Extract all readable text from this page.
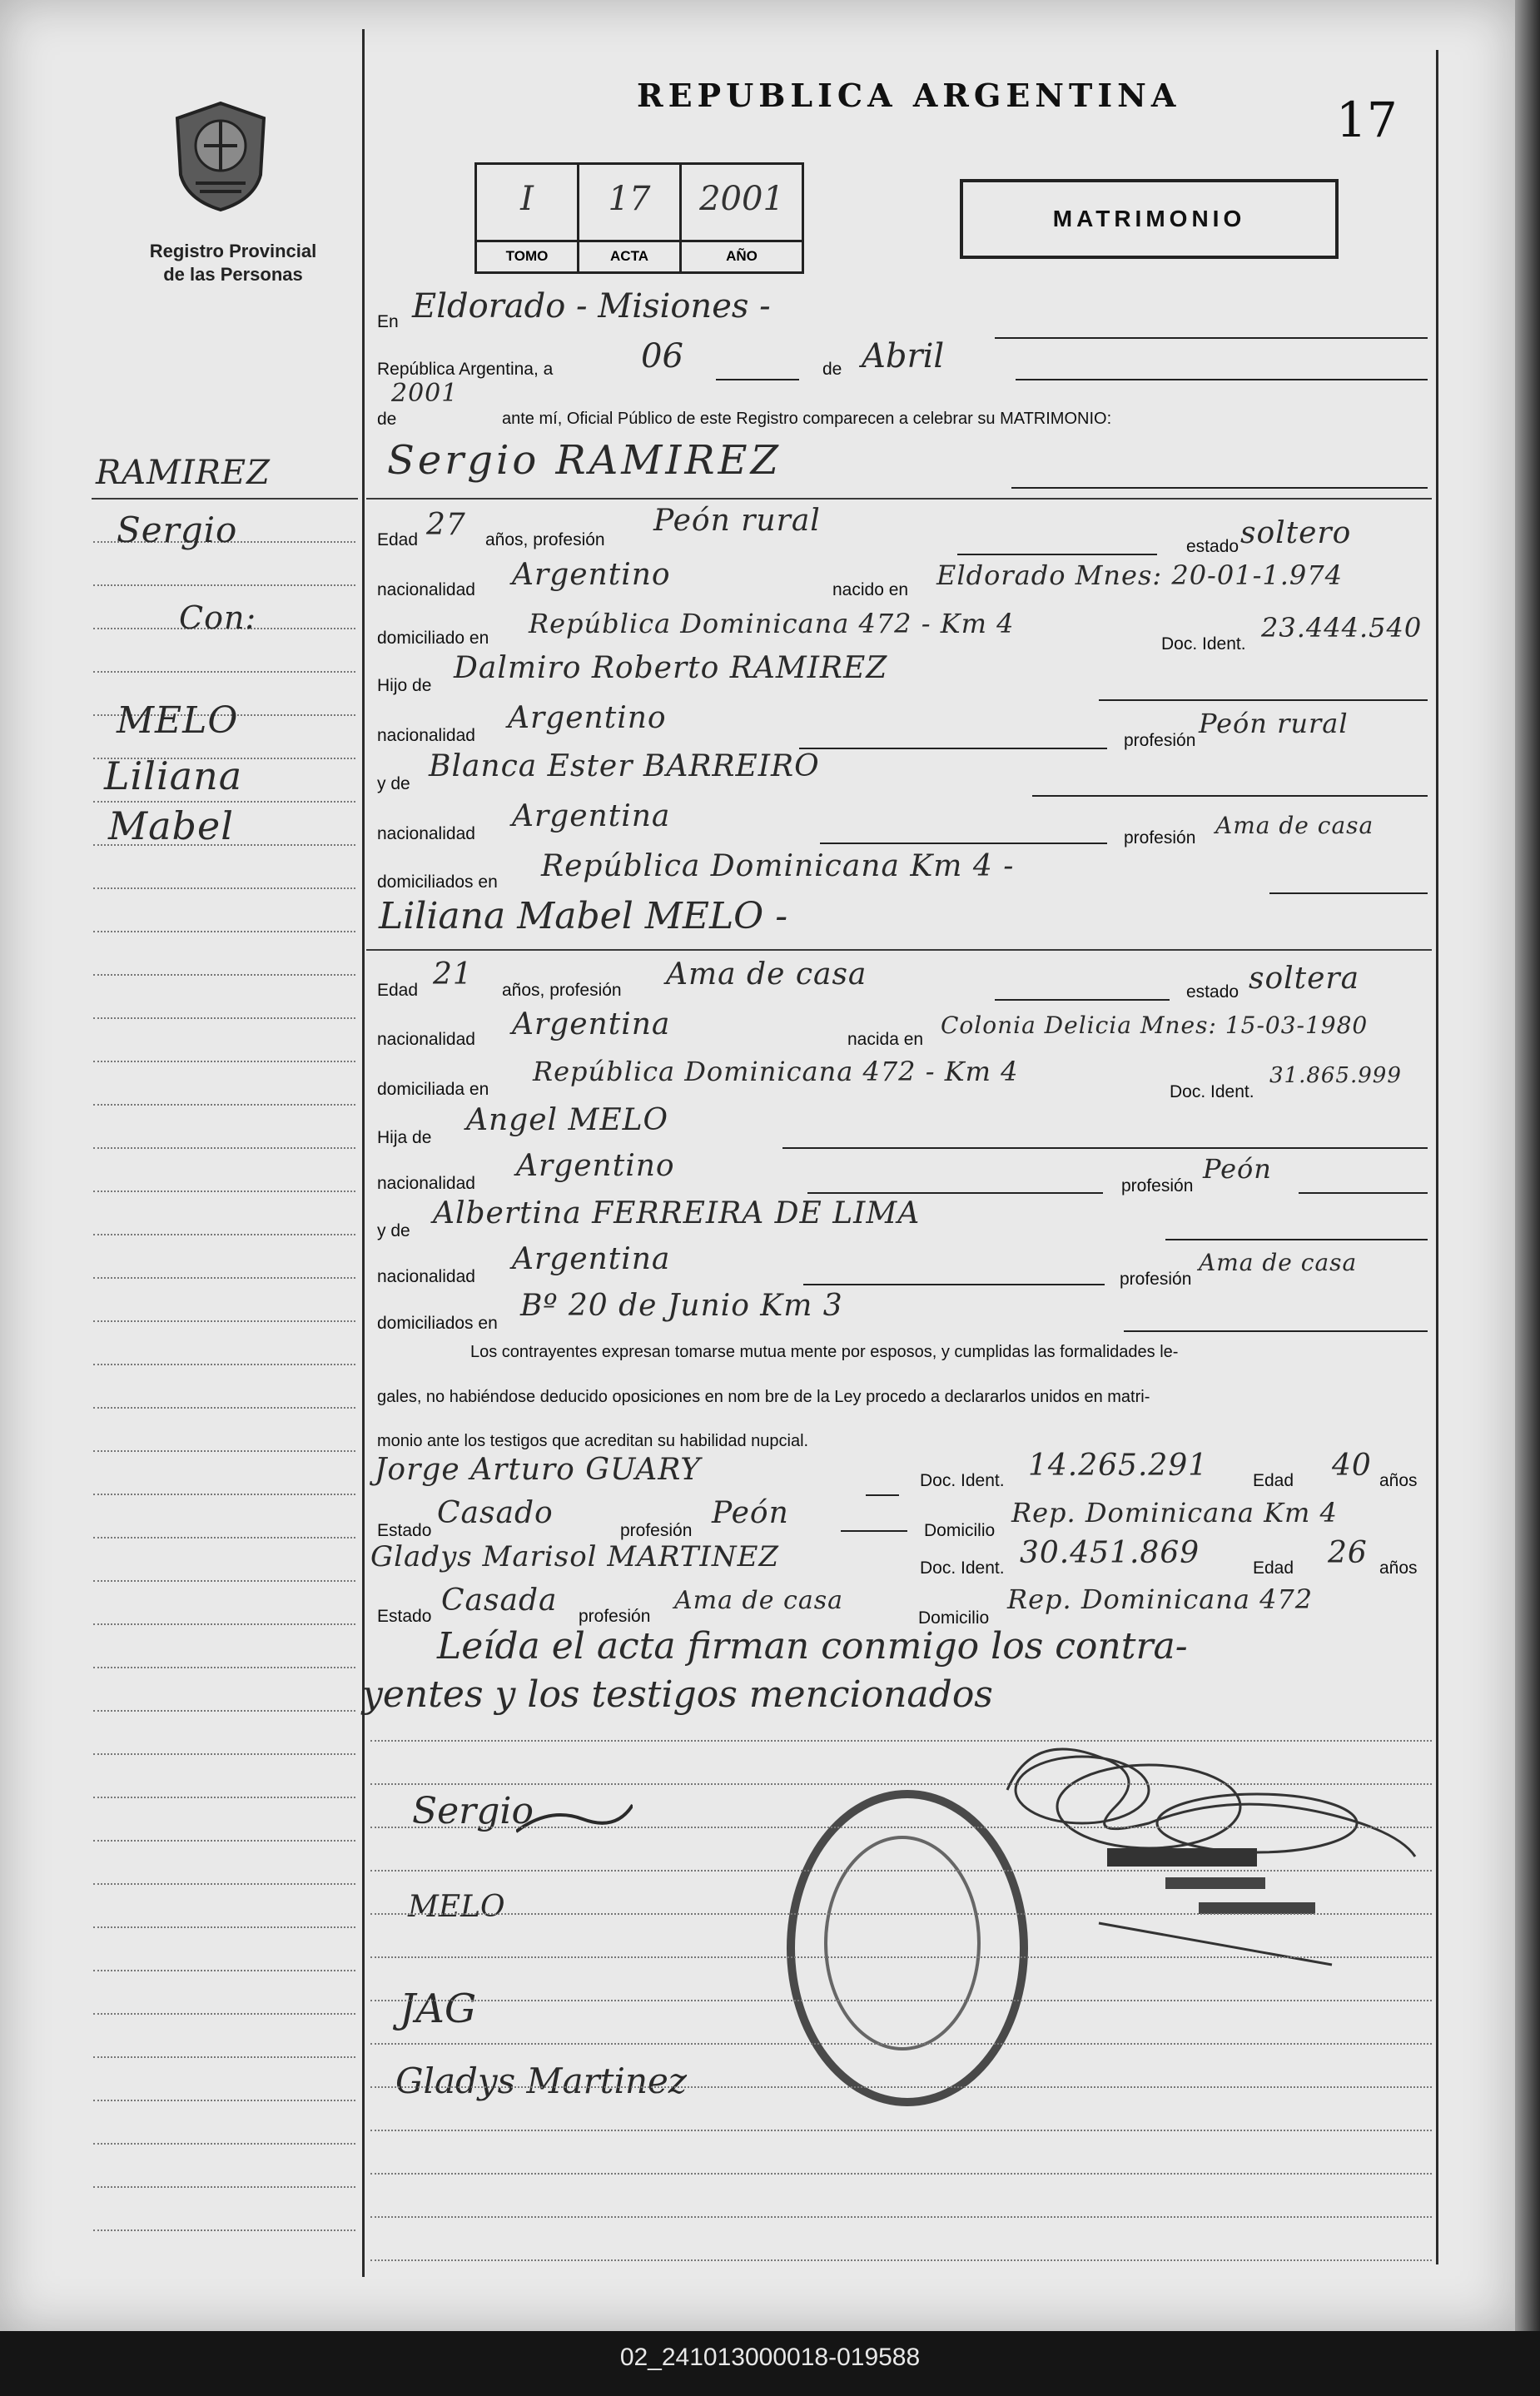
Registro Provincial
de las Personas
REPUBLICA ARGENTINA	17
I
TOMO
17
ACTA
2001
AÑO
MATRIMONIO
RAMIREZ
Sergio
Con:
MELO
Liliana
Mabel
En Eldorado - Misiones -
República Argentina, a	06	de Abril
de
2001
ante mí, Oficial Público de este Registro comparecen a celebrar su MATRIMONIO:
Sergio RAMIREZ
Edad 27 años, profesión
Peón rural
estado soltero
nacionalidad Argentino	nacido en Eldorado Mnes: 20-01-1.974
domiciliado en República Dominicana 472 - Km 4
Doc. Ident.
23.444.540
Hijo de
Dalmiro Roberto RAMIREZ
nacionalidad
Argentino
profesión
Peón rural
y de
Blanca Ester BARREIRO
nacionalidad
Argentina
profesión Ama de casa
domiciliados en República Dominicana Km 4 -
Liliana Mabel MELO -
Edad 21 años, profesión Ama de casa
estado soltera
nacionalidad Argentina	nacida en
Colonia Delicia Mnes: 15-03-1980
domiciliada en
República Dominicana 472 - Km 4
Doc. Ident.
31.865.999
Hija de
Angel MELO
nacionalidad
Argentino
profesión
Peón
y de
Albertina FERREIRA DE LIMA
nacionalidad
Argentina
profesión
Ama de casa
domiciliados en
Bº 20 de Junio Km 3
Los contrayentes expresan tomarse mutua mente por esposos, y cumplidas las formalidades le-
gales, no habiéndose deducido oposiciones en nom bre de la Ley procedo a declararlos unidos en matri-
monio ante los testigos que acreditan su habilidad nupcial.
Jorge Arturo GUARY	Doc. Ident. 14.265.291	Edad 40 años
Estado
Casado
profesión
Peón
Domicilio
Rep. Dominicana Km 4
Gladys Marisol MARTINEZ	Doc. Ident. 30.451.869	Edad 26 años
Estado Casada profesión
Ama de casa
Domicilio
Rep. Dominicana 472
Leída el acta firman conmigo los contra-
yentes y los testigos mencionados
Sergio
MELO
JAG
Gladys Martinez
02_241013000018-019588
